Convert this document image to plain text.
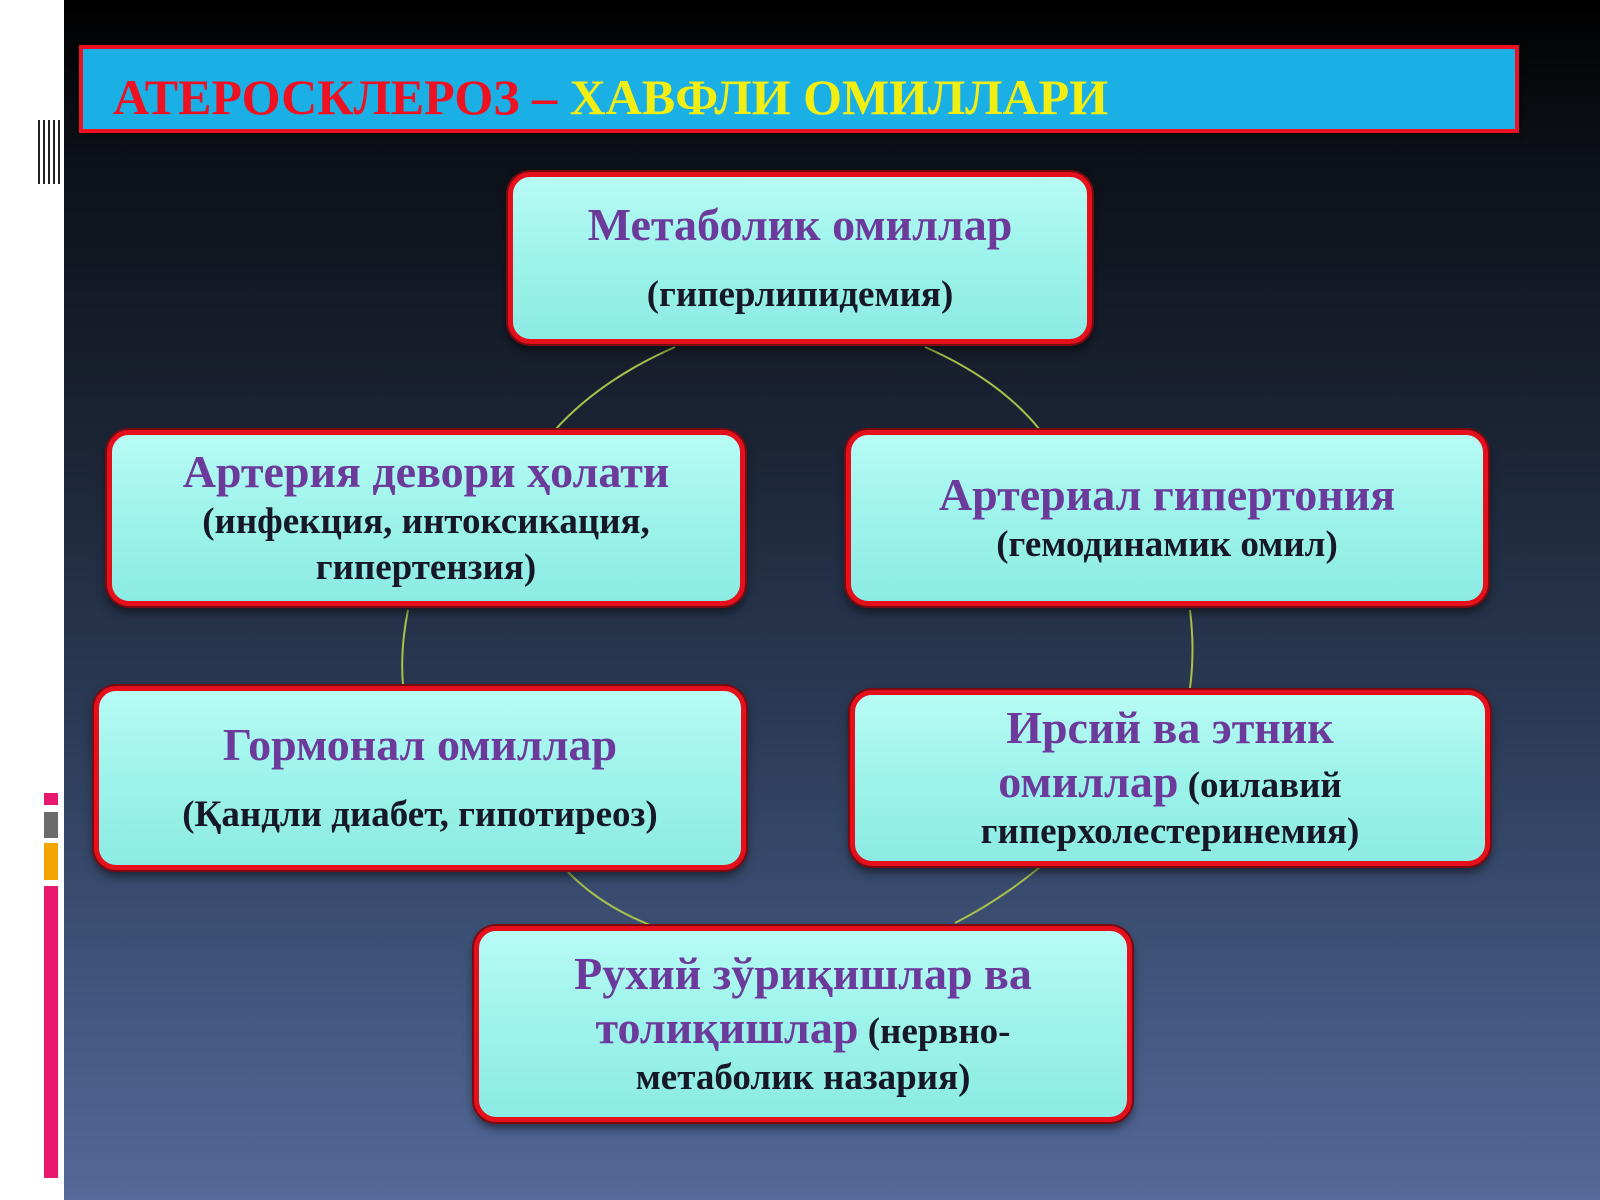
АТЕРОСКЛЕРОЗ – ХАВФЛИ ОМИЛЛАРИ
Метаболик омиллар
(гиперлипидемия)
Артерия девори ҳолати
(инфекция, интоксикация,
гипертензия)
Артериал гипертония
(гемодинамик омил)
Гормонал омиллар
(Қандли диабет, гипотиреоз)
Ирсий ва этник
омиллар (оилавий
гиперхолестеринемия)
Рухий зўриқишлар ва
толиқишлар (нервно-
метаболик назария)
